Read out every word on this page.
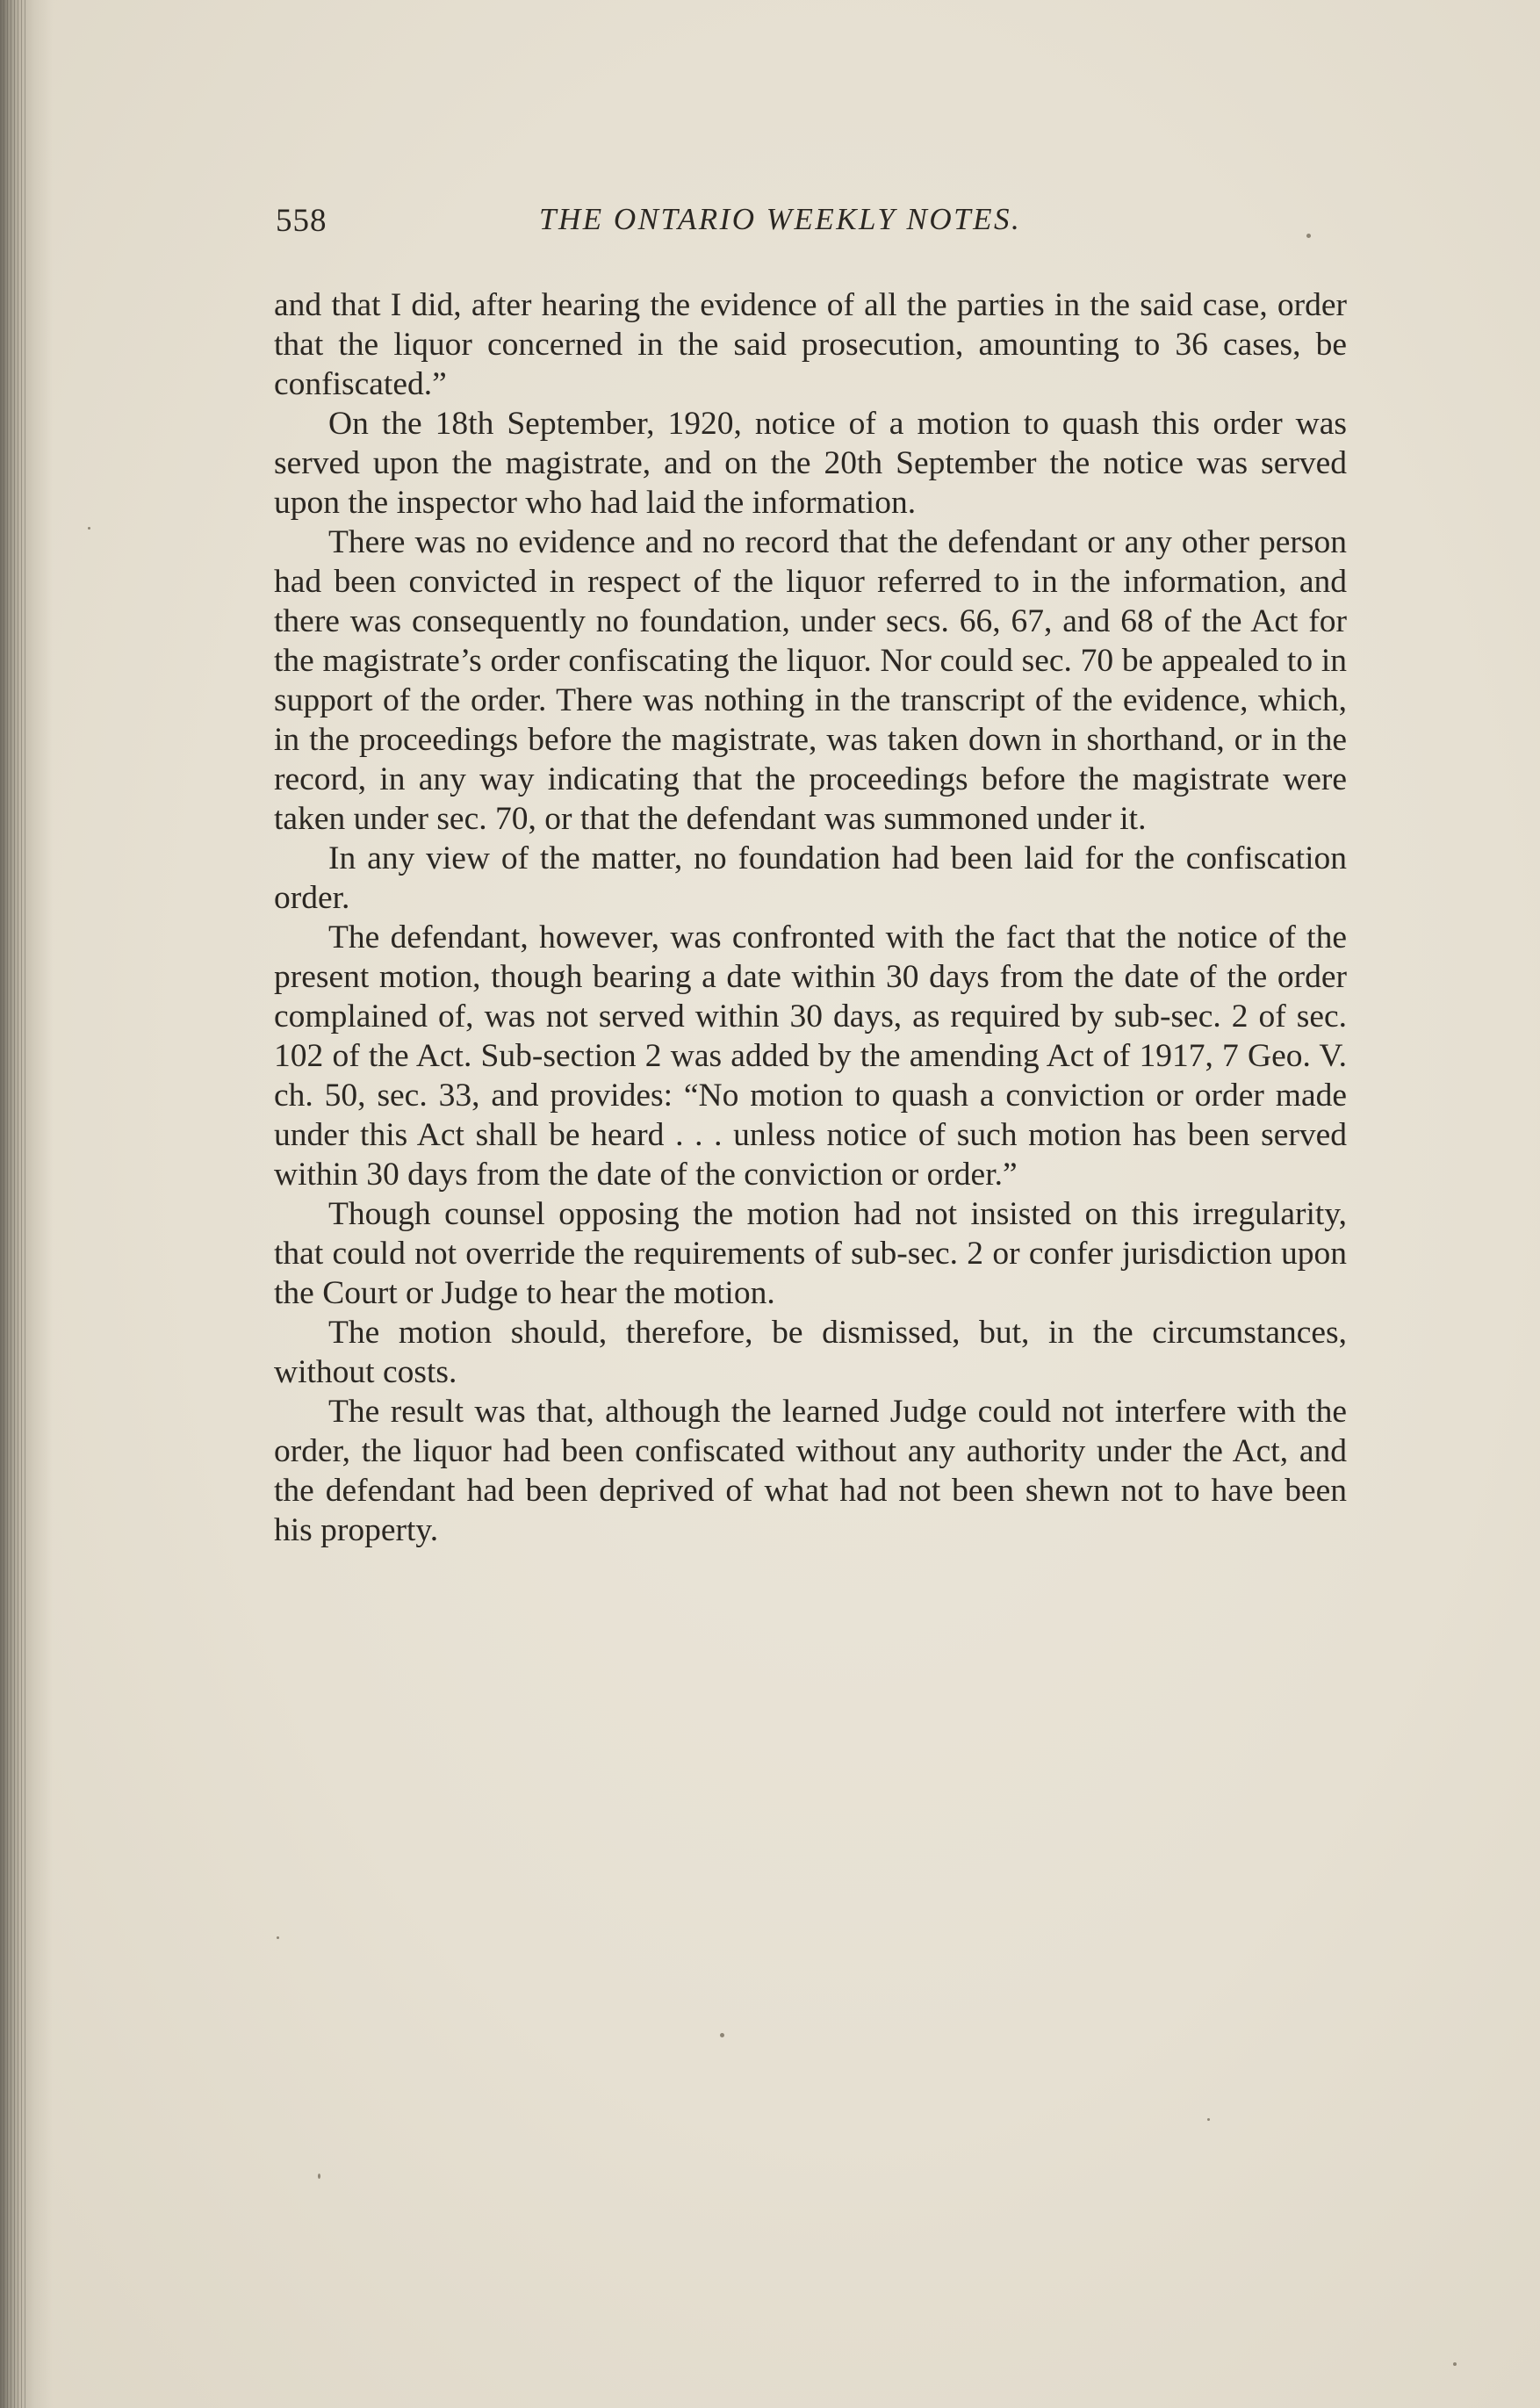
558	THE ONTARIO WEEKLY NOTES.

and that I did, after hearing the evidence of all the parties in the said case, order that the liquor concerned in the said prosecution, amounting to 36 cases, be confiscated.”

On the 18th September, 1920, notice of a motion to quash this order was served upon the magistrate, and on the 20th September the notice was served upon the inspector who had laid the information.

There was no evidence and no record that the defendant or any other person had been convicted in respect of the liquor referred to in the information, and there was consequently no foundation, under secs. 66, 67, and 68 of the Act for the magistrate’s order confiscating the liquor. Nor could sec. 70 be appealed to in support of the order. There was nothing in the transcript of the evidence, which, in the proceedings before the magistrate, was taken down in shorthand, or in the record, in any way indicating that the proceedings before the magistrate were taken under sec. 70, or that the defendant was summoned under it.

In any view of the matter, no foundation had been laid for the confiscation order.

The defendant, however, was confronted with the fact that the notice of the present motion, though bearing a date within 30 days from the date of the order complained of, was not served within 30 days, as required by sub-sec. 2 of sec. 102 of the Act. Sub-section 2 was added by the amending Act of 1917, 7 Geo. V. ch. 50, sec. 33, and provides: “No motion to quash a conviction or order made under this Act shall be heard . . . unless notice of such motion has been served within 30 days from the date of the conviction or order.”

Though counsel opposing the motion had not insisted on this irregularity, that could not override the requirements of sub-sec. 2 or confer jurisdiction upon the Court or Judge to hear the motion.

The motion should, therefore, be dismissed, but, in the circumstances, without costs.

The result was that, although the learned Judge could not interfere with the order, the liquor had been confiscated without any authority under the Act, and the defendant had been deprived of what had not been shewn not to have been his property.
